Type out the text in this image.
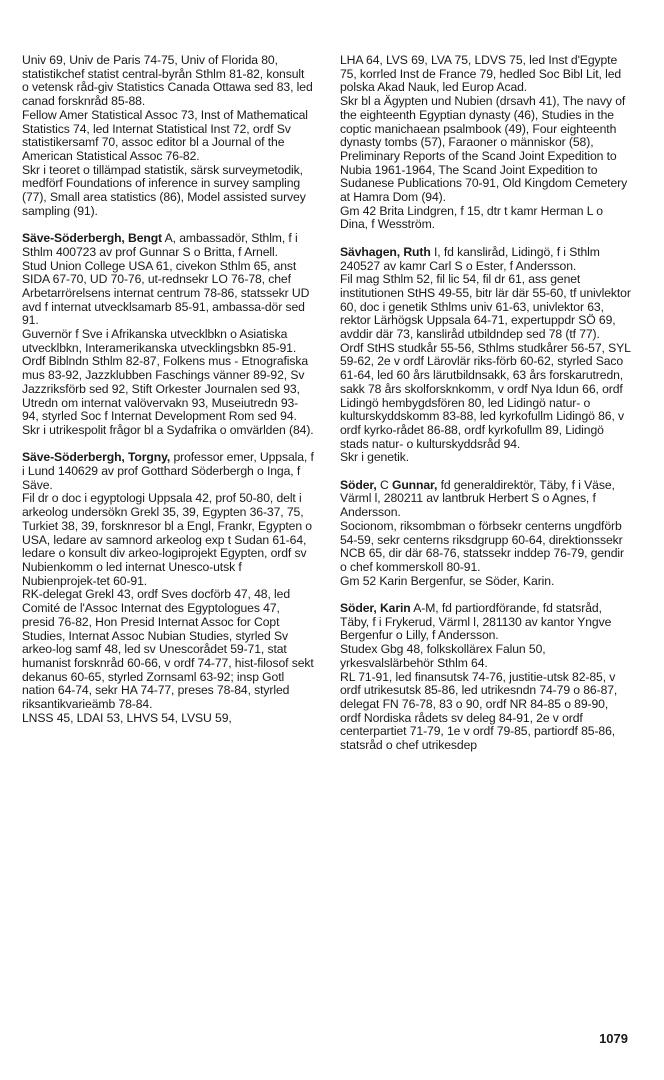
Univ 69, Univ de Paris 74-75, Univ of Florida 80, statistikchef statist central-byrån Sthlm 81-82, konsult o vetensk råd-giv Statistics Canada Ottawa sed 83, led canad forsknråd 85-88.

Fellow Amer Statistical Assoc 73, Inst of Mathematical Statistics 74, led Internat Statistical Inst 72, ordf Sv statistikersamf 70, assoc editor bl a Journal of the American Statistical Assoc 76-82.

Skr i teoret o tillämpad statistik, särsk surveymetodik, medförf Foundations of inference in survey sampling (77), Small area statistics (86), Model assisted survey sampling (91).

Säve-Söderbergh, Bengt A, ambassadör, Sthlm, f i Sthlm 400723 av prof Gunnar S o Britta, f Arnell.

Stud Union College USA 61, civekon Sthlm 65, anst SIDA 67-70, UD 70-76, ut-rednsekr LO 76-78, chef Arbetarrörelsens internat centrum 78-86, statssekr UD avd f internat utvecklsamarb 85-91, ambassa-dör sed 91.

Guvernör f Sve i Afrikanska utvecklbkn o Asiatiska utvecklbkn, Interamerikanska utvecklingsbkn 85-91.

Ordf Biblndn Sthlm 82-87, Folkens mus - Etnografiska mus 83-92, Jazzklubben Faschings vänner 89-92, Sv Jazzriksförb sed 92, Stift Orkester Journalen sed 93, Utredn om internat valövervakn 93, Museiutredn 93-94, styrled Soc f Internat Development Rom sed 94.

Skr i utrikespolit frågor bl a Sydafrika o omvärlden (84).

Säve-Söderbergh, Torgny, professor emer, Uppsala, f i Lund 140629 av prof Gotthard Söderbergh o Inga, f Säve.

Fil dr o doc i egyptologi Uppsala 42, prof 50-80, delt i arkeolog undersökn Grekl 35, 39, Egypten 36-37, 75, Turkiet 38, 39, forsknresor bl a Engl, Frankr, Egypten o USA, ledare av samnord arkeolog exp t Sudan 61-64, ledare o konsult div arkeo-logiprojekt Egypten, ordf sv Nubienkomm o led internat Unesco-utsk f Nubienprojek-tet 60-91.

RK-delegat Grekl 43, ordf Sves docförb 47, 48, led Comité de l'Assoc Internat des Egyptologues 47, presid 76-82, Hon Presid Internat Assoc for Copt Studies, Internat Assoc Nubian Studies, styrled Sv arkeo-log samf 48, led sv Unescorådet 59-71, stat humanist forsknråd 60-66, v ordf 74-77, hist-filosof sekt dekanus 60-65, styrled Zornsaml 63-92; insp Gotl nation 64-74, sekr HA 74-77, preses 78-84, styrled riksantikvarieämb 78-84.

LNSS 45, LDAI 53, LHVS 54, LVSU 59,

LHA 64, LVS 69, LVA 75, LDVS 75, led Inst d'Egypte 75, korrled Inst de France 79, hedled Soc Bibl Lit, led polska Akad Nauk, led Europ Acad.

Skr bl a Ägypten und Nubien (drsavh 41), The navy of the eighteenth Egyptian dynasty (46), Studies in the coptic manichaean psalmbook (49), Four eighteenth dynasty tombs (57), Faraoner o människor (58), Preliminary Reports of the Scand Joint Expedition to Nubia 1961-1964, The Scand Joint Expedition to Sudanese Publications 70-91, Old Kingdom Cemetery at Hamra Dom (94).

Gm 42 Brita Lindgren, f 15, dtr t kamr Herman L o Dina, f Wesström.

Sävhagen, Ruth I, fd kanslіråd, Lidingö, f i Sthlm 240527 av kamr Carl S o Ester, f Andersson.

Fil mag Sthlm 52, fil lic 54, fil dr 61, ass genet institutionen StHS 49-55, bitr lär där 55-60, tf univlektor 60, doc i genetik Sthlms univ 61-63, univlektor 63, rektor Lärhögsk Uppsala 64-71, expertuppdr SÖ 69, avddir där 73, kanslіråd utbildndep sed 78 (tf 77).

Ordf StHS studkår 55-56, Sthlms studkårer 56-57, SYL 59-62, 2e v ordf Lärovlär riks-förb 60-62, styrled Saco 61-64, led 60 års lärutbildnsakk, 63 års forskarutredn, sakk 78 års skolforsknkomm, v ordf Nya Idun 66, ordf Lidingö hembygdsfören 80, led Lidingö natur- o kulturskyddskomm 83-88, led kyrkofullm Lidingö 86, v ordf kyrko-rådet 86-88, ordf kyrkofullm 89, Lidingö stads natur- o kulturskyddsråd 94.

Skr i genetik.

Söder, C Gunnar, fd generaldirektör, Täby, f i Väse, Värml l, 280211 av lantbruk Herbert S o Agnes, f Andersson.

Socionom, riksombman o förbsekr centerns ungdförb 54-59, sekr centerns riksdgrupp 60-64, direktionssekr NCB 65, dir där 68-76, statssekr inddep 76-79, gendir o chef kommerskoll 80-91.

Gm 52 Karin Bergenfur, se Söder, Karin.

Söder, Karin A-M, fd partiordförande, fd statsråd, Täby, f i Frykerud, Värml l, 281130 av kantor Yngve Bergenfur o Lilly, f Andersson.

Studex Gbg 48, folkskollärex Falun 50, yrkesvalslärbehör Sthlm 64.

RL 71-91, led finansutsk 74-76, justitie-utsk 82-85, v ordf utrikesutsk 85-86, led utrikesndn 74-79 o 86-87, delegat FN 76-78, 83 o 90, ordf NR 84-85 o 89-90, ordf Nordiska rådets sv deleg 84-91, 2e v ordf centerpartiet 71-79, 1e v ordf 79-85, partiordf 85-86, statsråd o chef utrikesdep

1079
